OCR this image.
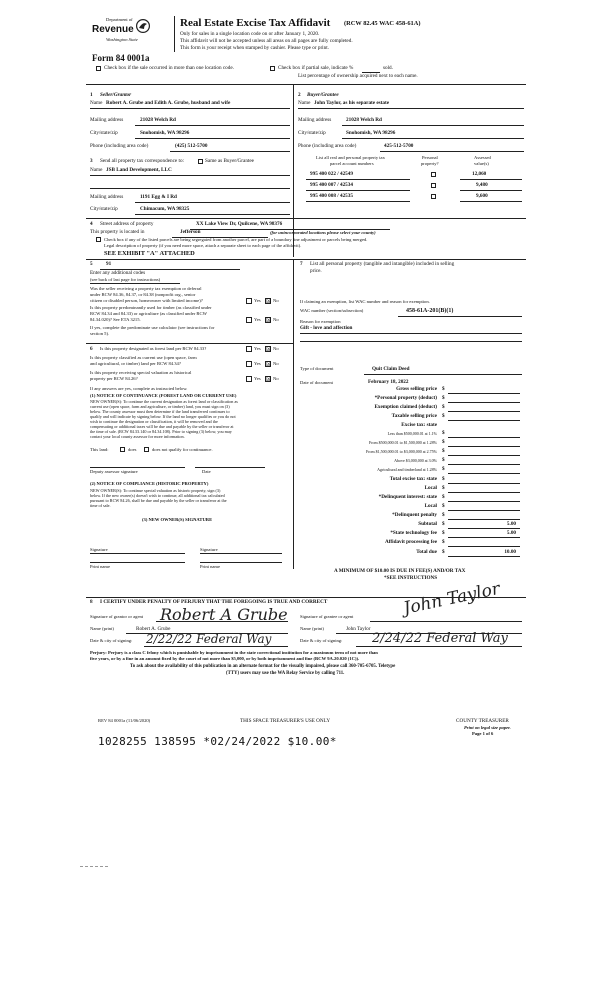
Department of
Revenue
Washington State
Real Estate Excise Tax Affidavit (RCW 82.45 WAC 458-61A)
Only for sales in a single location code on or after January 1, 2020.
This affidavit will not be accepted unless all areas on all pages are fully completed.
This form is your receipt when stamped by cashier. Please type or print.
Form 84 0001a
Check box if the sale occurred in more than one location code.	Check box if partial sale, indicate %	sold.
List percentage of ownership acquired next to each name.
1 Seller/Grantor
Name Robert A. Grube and Edith A. Grube, husband and wife
Mailing address	21028 Welch Rd
City/state/zip	Snohomish, WA 98296
Phone (including area code)	(425) 512-5700
2 Buyer/Grantee
Name John Taylor, as his separate estate
Mailing address	21028 Welch Rd
City/state/zip	Snohomish, WA 98296
Phone (including area code)	425-512-5700
3 Send all property tax correspondence to:	Same as Buyer/Grantee
Name JSB Land Development, LLC
Mailing address	1191 Egg & I Rd
City/state/zip	Chimacum, WA 98325
List all real and personal property tax
parcel account numbers
Personal
property?
Assessed
value(s)
995 400 022 / 42549	12,060
995 400 007 / 42534	9,480
995 400 008 / 42535	9,600
4 Street address of property	XX Lake View Dr, Quilcene, WA 98376
This property is located in	Jefferson	(for unincorporated locations please select your county)
Check box if any of the listed parcels are being segregated from another parcel, are part of a boundary line adjustment or parcels being merged.
Legal description of property (if you need more space, attach a separate sheet to each page of the affidavit).
SEE EXHIBIT "A" ATTACHED
5	91
Enter any additional codes
(see back of last page for instructions)
Was the seller receiving a property tax exemption or deferral
under RCW 84.36, 84.37, or 84.38 (nonprofit org., senior
citizen or disabled person, homeowner with limited income)?	Yes ☒ No
Is this property predominantly used for timber (as classified under
RCW 84.34 and 84.33) or agriculture (as classified under RCW
84.34.020)? See ETA 3215.	Yes ☒ No
If yes, complete the predominate use calculator (see instructions for
section 5).
6 Is this property designated as forest land per RCW 84.33?	Yes ☒ No
Is this property classified as current use (open space, farm
and agricultural, or timber) land per RCW 84.34?	Yes ☒ No
Is this property receiving special valuation as historical
property per RCW 84.26?	Yes ☒ No
If any answers are yes, complete as instructed below.
(1) NOTICE OF CONTINUANCE (FOREST LAND OR CURRENT USE)
NEW OWNER(S): To continue the current designation as forest land or classification as
current use (open space, farm and agriculture, or timber) land, you must sign on (3)
below. The county assessor must then determine if the land transferred continues to
qualify and will indicate by signing below. If the land no longer qualifies or you do not
wish to continue the designation or classification, it will be removed and the
compensating or additional taxes will be due and payable by the seller or transferor at
the time of sale. (RCW 84.33.140 or 84.34.108). Prior to signing (3) below, you may
contact your local county assessor for more information.
This land:	does	does not qualify for continuance.
Deputy assessor signature	Date
(2) NOTICE OF COMPLIANCE (HISTORIC PROPERTY)
NEW OWNER(S): To continue special valuation as historic property, sign (3)
below. If the new owner(s) doesn't wish to continue, all additional tax calculated
pursuant to RCW 84.26, shall be due and payable by the seller or transferor at the
time of sale.
(3) NEW OWNER(S) SIGNATURE
Signature	Signature
Print name	Print name
7 List all personal property (tangible and intangible) included in selling
price.
If claiming an exemption, list WAC number and reason for exemption.
WAC number (section/subsection)	458-61A-201(B)(1)
Reason for exemption
Gift - love and affection
Type of document	Quit Claim Deed
Date of document	February 18, 2022
Gross selling price $
*Personal property (deduct) $
Exemption claimed (deduct) $
Taxable selling price $
Excise tax: state
Less than $500,000.01 at 1.1% $
From $500,000.01 to $1,500,000 at 1.28% $
From $1,500,000.01 to $3,000,000 at 2.75% $
Above $3,000,000 at 3.0% $
Agricultural and timberland at 1.28% $
Total excise tax: state $
Local $
*Delinquent interest: state $
Local $
*Delinquent penalty $
Subtotal $	5.00
*State technology fee $	5.00
Affidavit processing fee $
Total due $	10.00
A MINIMUM OF $10.00 IS DUE IN FEE(S) AND/OR TAX
*SEE INSTRUCTIONS
8 I CERTIFY UNDER PENALTY OF PERJURY THAT THE FOREGOING IS TRUE AND CORRECT
Signature of grantor or agent Robert A Grube	Signature of grantee or agent	John Taylor
Name (print)	Robert A. Grube	Name (print)	John Taylor
Date & city of signing: 2/22/22 Federal Way	Date & city of signing: 2/24/22 Federal Way
Perjury: Perjury is a class C felony which is punishable by imprisonment in the state correctional institution for a maximum term of not more than
five years, or by a fine in an amount fixed by the court of not more than $5,000, or by both imprisonment and fine (RCW 9A.20.020 (1C)).
To ask about the availability of this publication in an alternate format for the visually impaired, please call 360-705-6705. Teletype
(TTY) users may use the WA Relay Service by calling 711.
REV 84 0001a (11/06/2020)	THIS SPACE TREASURER'S USE ONLY	COUNTY TREASURER
Print on legal size paper.
Page 1 of 6
1028255 138595 *02/24/2022 $10.00*
